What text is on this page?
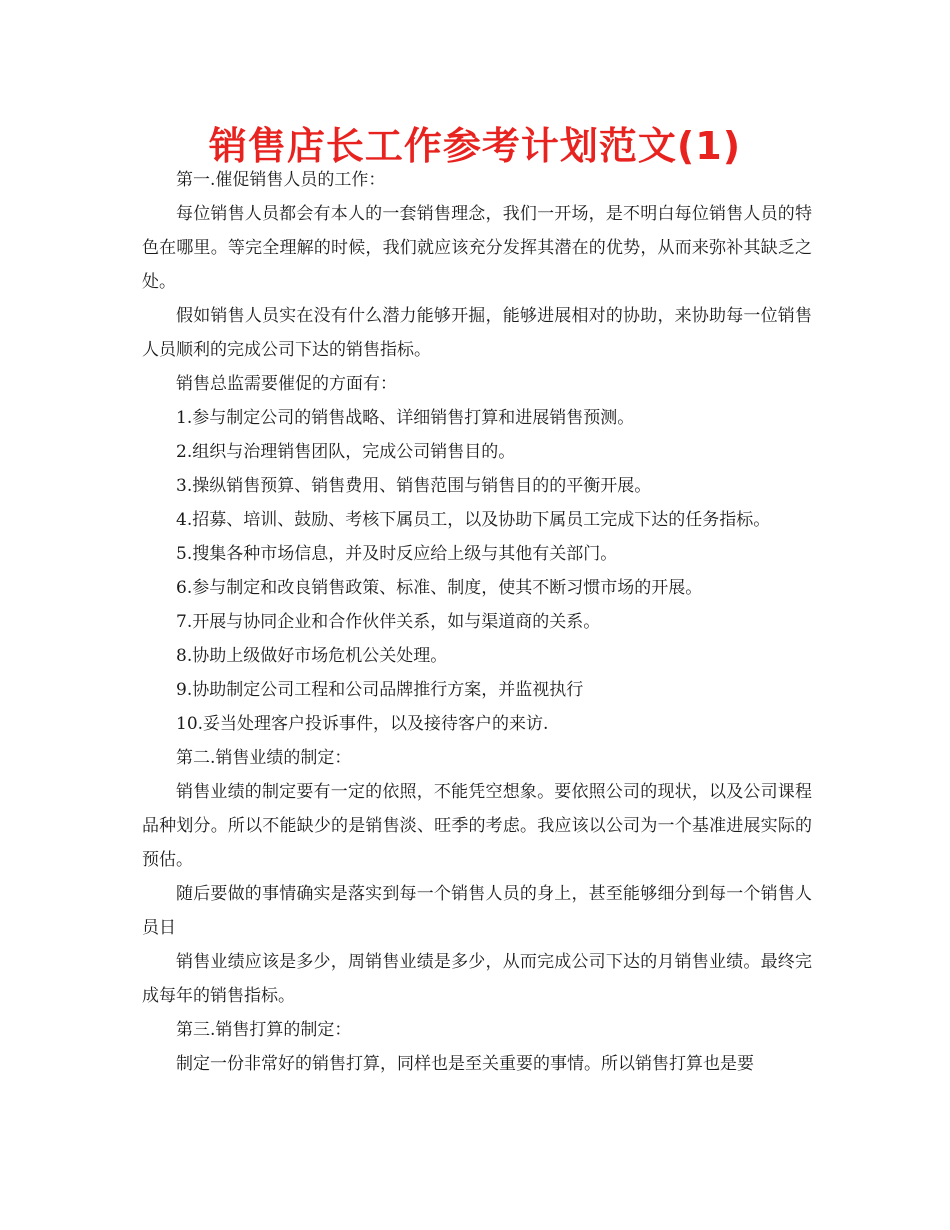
销售店长工作参考计划范文(1)

第一.催促销售人员的工作：

每位销售人员都会有本人的一套销售理念，我们一开场，是不明白每位销售人员的特色在哪里。等完全理解的时候，我们就应该充分发挥其潜在的优势，从而来弥补其缺乏之处。

假如销售人员实在没有什么潜力能够开掘，能够进展相对的协助，来协助每一位销售人员顺利的完成公司下达的销售指标。

销售总监需要催促的方面有：

1.参与制定公司的销售战略、详细销售打算和进展销售预测。

2.组织与治理销售团队，完成公司销售目的。

3.操纵销售预算、销售费用、销售范围与销售目的的平衡开展。

4.招募、培训、鼓励、考核下属员工，以及协助下属员工完成下达的任务指标。

5.搜集各种市场信息，并及时反应给上级与其他有关部门。

6.参与制定和改良销售政策、标准、制度，使其不断习惯市场的开展。

7.开展与协同企业和合作伙伴关系，如与渠道商的关系。

8.协助上级做好市场危机公关处理。

9.协助制定公司工程和公司品牌推行方案，并监视执行

10.妥当处理客户投诉事件，以及接待客户的来访.

第二.销售业绩的制定：

销售业绩的制定要有一定的依照，不能凭空想象。要依照公司的现状，以及公司课程品种划分。所以不能缺少的是销售淡、旺季的考虑。我应该以公司为一个基准进展实际的预估。

随后要做的事情确实是落实到每一个销售人员的身上，甚至能够细分到每一个销售人员日

销售业绩应该是多少，周销售业绩是多少，从而完成公司下达的月销售业绩。最终完成每年的销售指标。

第三.销售打算的制定：

制定一份非常好的销售打算，同样也是至关重要的事情。所以销售打算也是要
